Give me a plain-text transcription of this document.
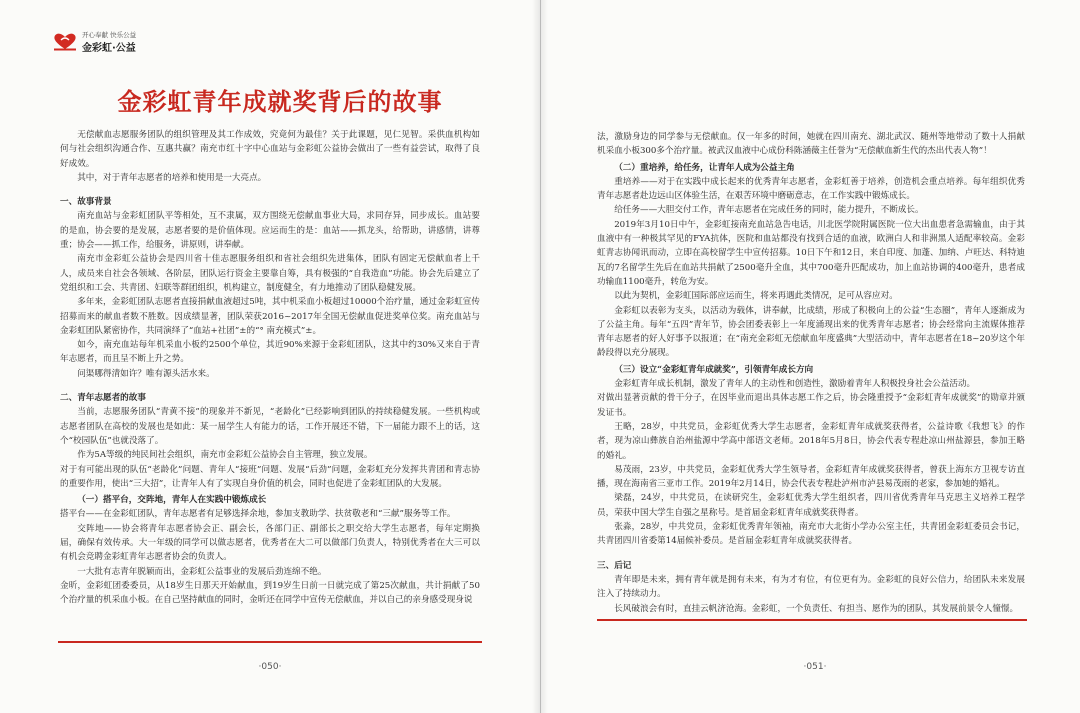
开心奉献 快乐公益
金彩虹·公益
金彩虹青年成就奖背后的故事

无偿献血志愿服务团队的组织管理及其工作成效，究竟何为最佳？关于此课题，见仁见智。采供血机构如何与社会组织沟通合作、互惠共赢？南充市红十字中心血站与金彩虹公益协会做出了一些有益尝试，取得了良好成效。

其中，对于青年志愿者的培养和使用是一大亮点。

一、故事背景

南充血站与金彩虹团队平等相处，互不隶属，双方围绕无偿献血事业大局，求同存异，同步成长。血站要的是血，协会要的是发展，志愿者要的是价值体现。应运而生的是：血站——抓龙头，给帮助，讲感情，讲尊重；协会——抓工作，给服务，讲原则，讲奉献。

南充市金彩虹公益协会是四川省十佳志愿服务组织和省社会组织先进集体，团队有固定无偿献血者上千人，成员来自社会各领域、各阶层，团队运行资金主要靠自筹，具有极强的“自我造血”功能。协会先后建立了党组织和工会、共青团、妇联等群团组织，机构建立，制度健全，有力地推动了团队稳健发展。

多年来，金彩虹团队志愿者直接捐献血液超过5吨，其中机采血小板超过10000个治疗量，通过金彩虹宣传招募而来的献血者数不胜数。因成绩显著，团队荣获2016~2017年全国无偿献血促进奖单位奖。南充血站与金彩虹团队紧密协作，共同演绎了“血站+社团”±的“° 南充模式”±。

如今，南充血站每年机采血小板约2500个单位，其近90%来源于金彩虹团队，这其中约30%又来自于青年志愿者，而且呈不断上升之势。

问渠哪得清如许？唯有源头活水来。

二、青年志愿者的故事

当前，志愿服务团队“青黄不接”的现象并不新见，“老龄化”已经影响到团队的持续稳健发展。一些机构或志愿者团队在高校的发展也是如此：某一届学生人有能力的话，工作开展还不错，下一届能力跟不上的话，这个“校园队伍”也就没落了。

作为5A等级的纯民间社会组织，南充市金彩虹公益协会自主管理，独立发展。

对于有可能出现的队伍“老龄化”问题、青年人“接班”问题、发展“后劲”问题，金彩虹充分发挥共青团和青志协的重要作用，使出“三大招”，让青年人有了实现自身价值的机会，同时也促进了金彩虹团队的大发展。

（一）搭平台，交阵地，青年人在实践中锻炼成长

搭平台——在金彩虹团队，青年志愿者有足够选择余地，参加支教助学、扶贫敬老和“三献”服务等工作。

交阵地——协会将青年志愿者协会正、副会长，各部门正、副部长之职交给大学生志愿者，每年定期换届，确保有效传承。大一年级的同学可以做志愿者，优秀者在大二可以做部门负责人，特别优秀者在大三可以有机会竞聘金彩虹青年志愿者协会的负责人。

一大批有志青年脱颖而出，金彩虹公益事业的发展后劲连绵不绝。

金昕，金彩虹团委委员，从18岁生日那天开始献血，到19岁生日前一日就完成了第25次献血，共计捐献了50个治疗量的机采血小板。在自己坚持献血的同时，金昕还在同学中宣传无偿献血，并以自己的亲身感受现身说

·050·

法，激励身边的同学参与无偿献血。仅一年多的时间，她就在四川南充、湖北武汉、随州等地带动了数十人捐献机采血小板300多个治疗量。被武汉血液中心成份科陈涵薇主任誉为“无偿献血新生代的杰出代表人物”！

（二）重培养，给任务，让青年人成为公益主角

重培养——对于在实践中成长起来的优秀青年志愿者，金彩虹善于培养，创造机会重点培养。每年组织优秀青年志愿者赴边远山区体验生活，在艰苦环境中磨砺意志，在工作实践中锻炼成长。

给任务——大胆交付工作，青年志愿者在完成任务的同时，能力提升，不断成长。

2019年3月10日中午，金彩虹接南充血站急告电话，川北医学院附属医院一位大出血患者急需输血，由于其血液中有一种极其罕见的FYA抗体，医院和血站都没有找到合适的血液，欧洲白人和非洲黑人适配率较高。金彩虹青志协闻讯而动，立即在高校留学生中宣传招募。10日下午和12日，来自印度、加蓬、加纳、卢旺达、科特迪瓦的7名留学生先后在血站共捐献了2500毫升全血，其中700毫升匹配成功，加上血站协调的400毫升，患者成功输血1100毫升，转危为安。

以此为契机，金彩虹国际部应运而生，将来再遇此类情况，足可从容应对。

金彩虹以表彰为支头，以活动为载体，讲奉献，比成绩，形成了积极向上的公益“生态圈”，青年人逐渐成为了公益主角。每年“五四”青年节，协会团委表彰上一年度涌现出来的优秀青年志愿者；协会经常向主流媒体推荐青年志愿者的好人好事予以报道；在“南充金彩虹无偿献血年度盛典”大型活动中，青年志愿者在18~20岁这个年龄段得以充分展现。

（三）设立“金彩虹青年成就奖”，引领青年成长方向

金彩虹青年成长机制，激发了青年人的主动性和创造性，激励着青年人积极投身社会公益活动。

对做出显著贡献的骨干分子，在因毕业而退出具体志愿工作之后，协会隆重授予“金彩虹青年成就奖”的勋章并颁发证书。

王略，28岁，中共党员，金彩虹优秀大学生志愿者，金彩虹青年成就奖获得者，公益诗歌《我想飞》的作者，现为凉山彝族自治州盐源中学高中部语文老师。2018年5月8日，协会代表专程赴凉山州盐源县，参加王略的婚礼。

易茂雨，23岁，中共党员，金彩虹优秀大学生领导者，金彩虹青年成就奖获得者，曾获上海东方卫视专访直播，现在海南省三亚市工作。2019年2月14日，协会代表专程赴泸州市泸县易茂雨的老家，参加她的婚礼。

梁磊，24岁，中共党员，在读研究生，金彩虹优秀大学生组织者，四川省优秀青年马克思主义培养工程学员，荣获中国大学生自强之星称号。是首届金彩虹青年成就奖获得者。

张淼，28岁，中共党员，金彩虹优秀青年领袖，南充市大北街小学办公室主任，共青团金彩虹委员会书记，共青团四川省委第14届候补委员。是首届金彩虹青年成就奖获得者。

三、后记

青年即是未来，拥有青年就是拥有未来，有为才有位，有位更有为。金彩虹的良好公信力，给团队未来发展注入了持续动力。

长风破浪会有时，直挂云帆济沧海。金彩虹，一个负责任、有担当、愿作为的团队，其发展前景令人憧憬。

·051·
